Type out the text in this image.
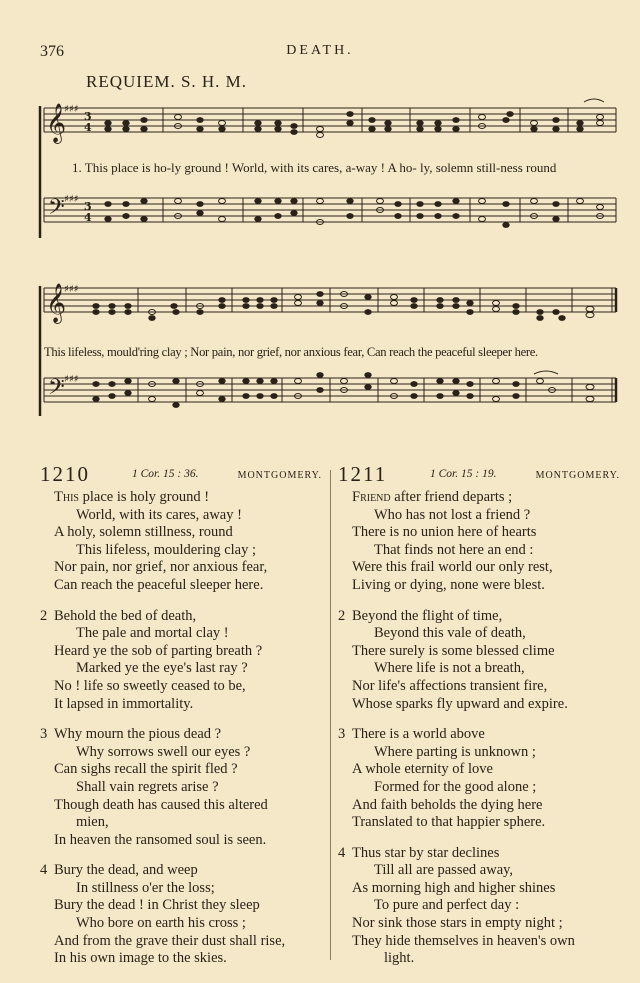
376	DEATH.
REQUIEM. S. H. M.
𝄞
𝄢
♯♯♯
♯♯♯
3
4
3
4
1. This place is ho-ly ground ! World, with its cares, a-way ! A ho- ly, solemn still-ness round
𝄞
𝄢
♯♯♯
♯♯♯
This lifeless, mould'ring clay ; Nor pain, nor grief, nor anxious fear, Can reach the peaceful sleeper here.
1210	1 Cor. 15 : 36.	MONTGOMERY. 1211	1 Cor. 15 : 19.	MONTGOMERY.
This place is holy ground !
World, with its cares, away !
A holy, solemn stillness, round
This lifeless, mouldering clay ;
Nor pain, nor grief, nor anxious fear,
Can reach the peaceful sleeper here.
2 Behold the bed of death,
The pale and mortal clay !
Heard ye the sob of parting breath ?
Marked ye the eye's last ray ?
No ! life so sweetly ceased to be,
It lapsed in immortality.
3 Why mourn the pious dead ?
Why sorrows swell our eyes ?
Can sighs recall the spirit fled ?
Shall vain regrets arise ?
Though death has caused this altered
mien,
In heaven the ransomed soul is seen.
4 Bury the dead, and weep
In stillness o'er the loss;
Bury the dead ! in Christ they sleep
Who bore on earth his cross ;
And from the grave their dust shall rise,
In his own image to the skies.
Friend after friend departs ;
Who has not lost a friend ?
There is no union here of hearts
That finds not here an end :
Were this frail world our only rest,
Living or dying, none were blest.
2 Beyond the flight of time,
Beyond this vale of death,
There surely is some blessed clime
Where life is not a breath,
Nor life's affections transient fire,
Whose sparks fly upward and expire.
3 There is a world above
Where parting is unknown ;
A whole eternity of love
Formed for the good alone ;
And faith beholds the dying here
Translated to that happier sphere.
4 Thus star by star declines
Till all are passed away,
As morning high and higher shines
To pure and perfect day :
Nor sink those stars in empty night ;
They hide themselves in heaven's own
light.
